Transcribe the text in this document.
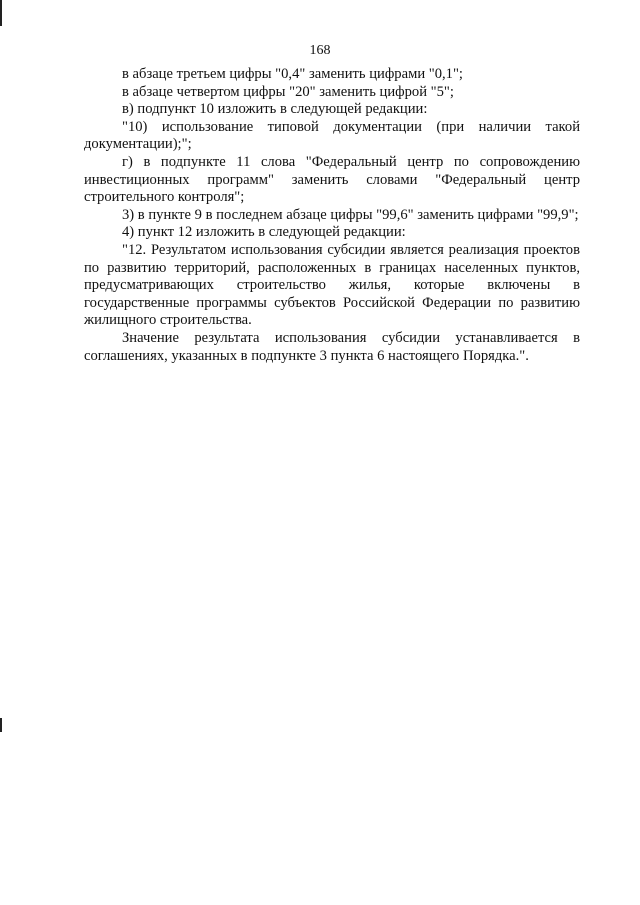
168

в абзаце третьем цифры "0,4" заменить цифрами "0,1";

в абзаце четвертом цифры "20" заменить цифрой "5";

в) подпункт 10 изложить в следующей редакции:

"10) использование типовой документации (при наличии такой документации);";

г) в подпункте 11 слова "Федеральный центр по сопровождению инвестиционных программ" заменить словами "Федеральный центр строительного контроля";

3) в пункте 9 в последнем абзаце цифры "99,6" заменить цифрами "99,9";

4) пункт 12 изложить в следующей редакции:

"12. Результатом использования субсидии является реализация проектов по развитию территорий, расположенных в границах населенных пунктов, предусматривающих строительство жилья, которые включены в государственные программы субъектов Российской Федерации по развитию жилищного строительства.

Значение результата использования субсидии устанавливается в соглашениях, указанных в подпункте 3 пункта 6 настоящего Порядка.".
